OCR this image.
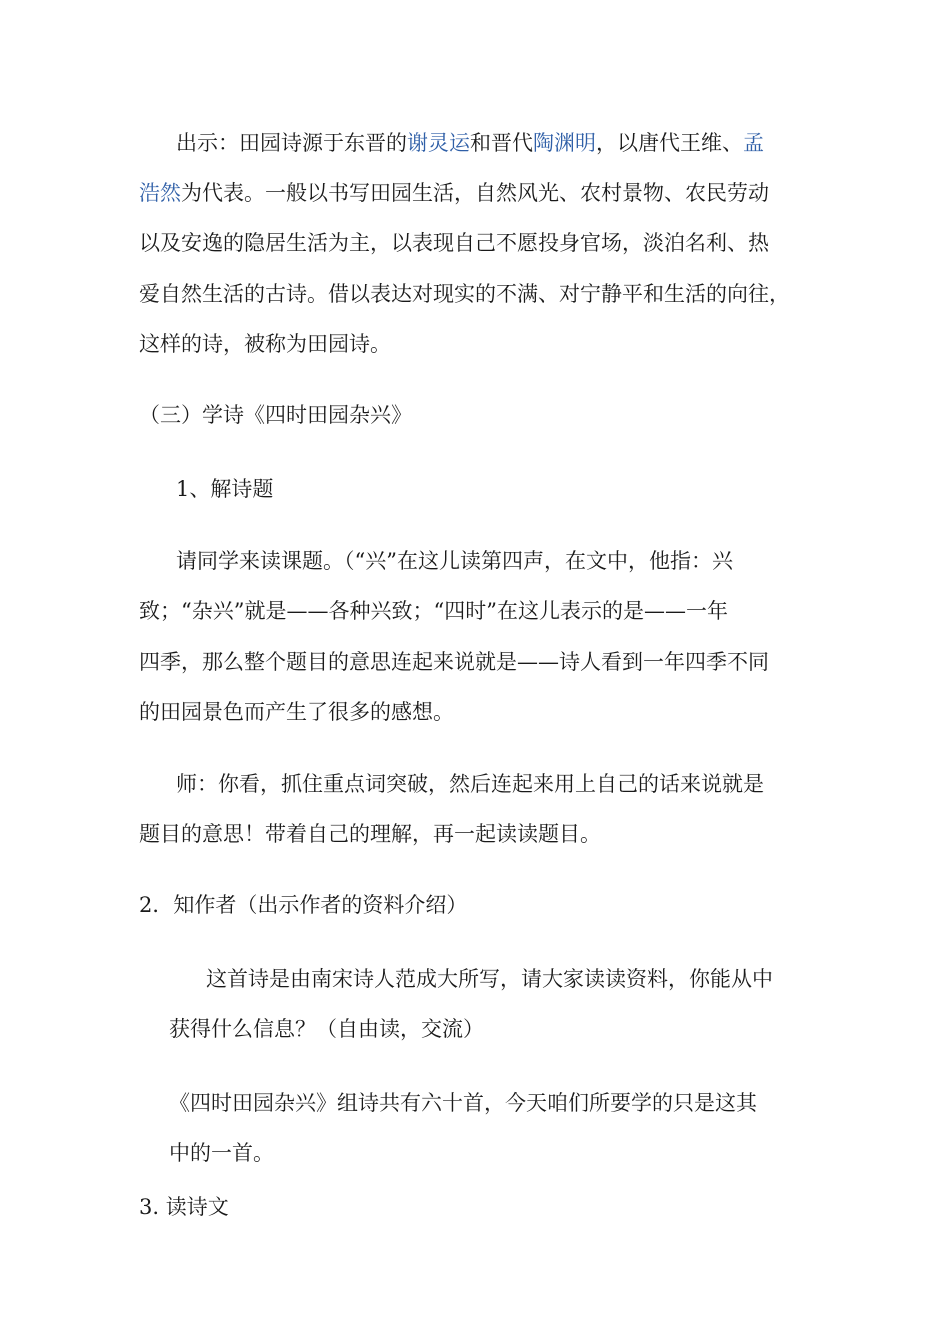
出示：田园诗源于东晋的谢灵运和晋代陶渊明，以唐代王维、孟
浩然为代表。一般以书写田园生活，自然风光、农村景物、农民劳动
以及安逸的隐居生活为主，以表现自己不愿投身官场，淡泊名利、热
爱自然生活的古诗。借以表达对现实的不满、对宁静平和生活的向往，
这样的诗，被称为田园诗。
（三）学诗《四时田园杂兴》
1、解诗题
请同学来读课题。（“兴”在这儿读第四声，在文中，他指：兴
致；“杂兴”就是——各种兴致；“四时”在这儿表示的是——一年
四季，那么整个题目的意思连起来说就是——诗人看到一年四季不同
的田园景色而产生了很多的感想。
师：你看，抓住重点词突破，然后连起来用上自己的话来说就是
题目的意思！带着自己的理解，再一起读读题目。
2．知作者（出示作者的资料介绍）
这首诗是由南宋诗人范成大所写，请大家读读资料，你能从中
获得什么信息？（自由读，交流）
《四时田园杂兴》组诗共有六十首，今天咱们所要学的只是这其
中的一首。
3. 读诗文
